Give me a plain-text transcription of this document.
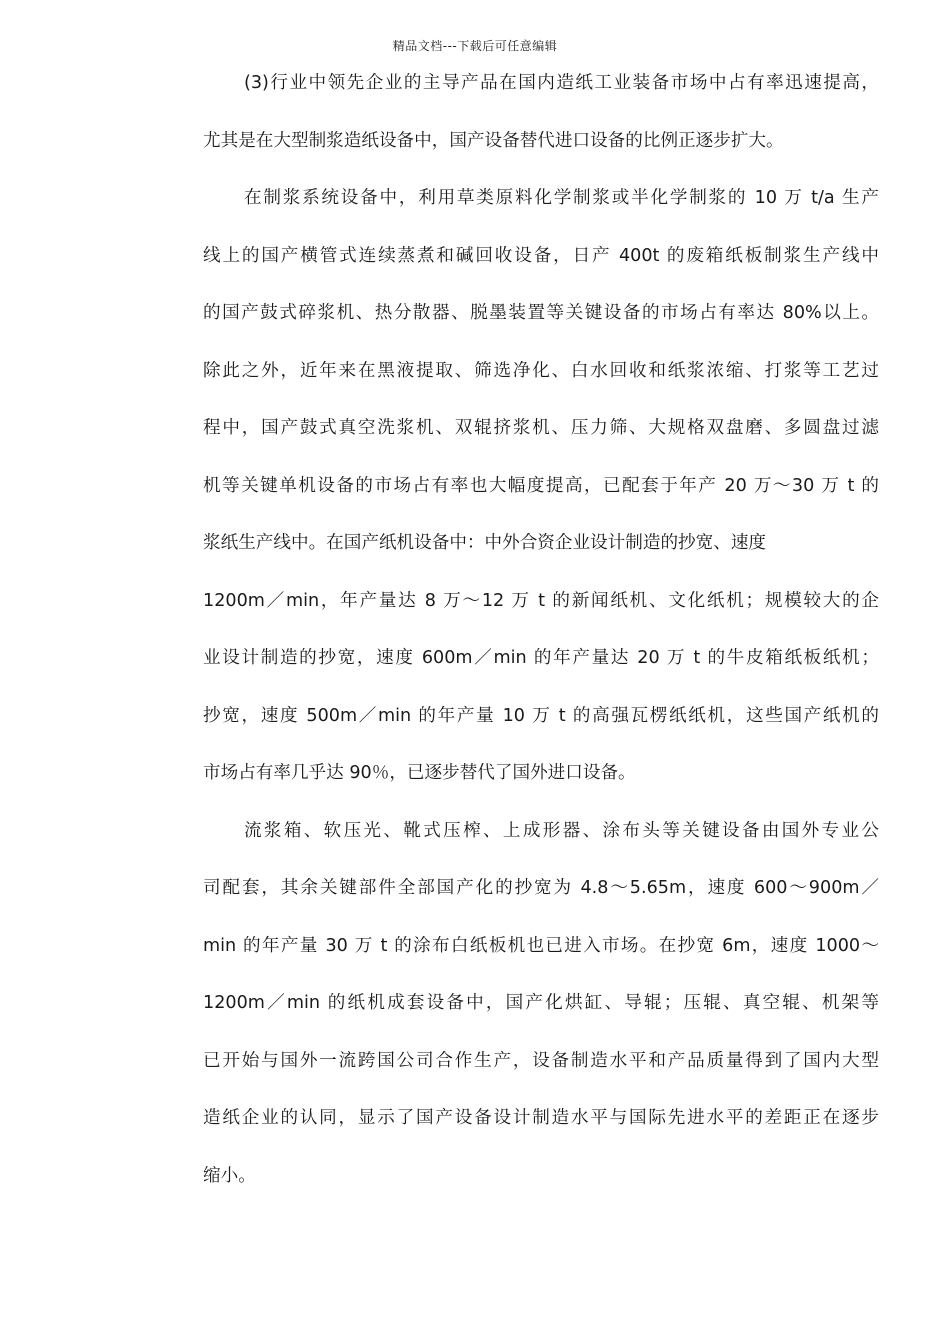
精品文档---下载后可任意编辑
(3)行业中领先企业的主导产品在国内造纸工业装备市场中占有率迅速提高，
尤其是在大型制浆造纸设备中，国产设备替代进口设备的比例正逐步扩大。
在制浆系统设备中，利用草类原料化学制浆或半化学制浆的 10 万 t/a 生产
线上的国产横管式连续蒸煮和碱回收设备，日产 400t 的废箱纸板制浆生产线中
的国产鼓式碎浆机、热分散器、脱墨装置等关键设备的市场占有率达 80%以上。
除此之外，近年来在黑液提取、筛选净化、白水回收和纸浆浓缩、打浆等工艺过
程中，国产鼓式真空洗浆机、双辊挤浆机、压力筛、大规格双盘磨、多圆盘过滤
机等关键单机设备的市场占有率也大幅度提高，已配套于年产 20 万～30 万 t 的
浆纸生产线中。在国产纸机设备中：中外合资企业设计制造的抄宽、速度
1200m／min，年产量达 8 万～12 万 t 的新闻纸机、文化纸机；规模较大的企
业设计制造的抄宽，速度 600m／min 的年产量达 20 万 t 的牛皮箱纸板纸机；
抄宽，速度 500m／min 的年产量 10 万 t 的高强瓦楞纸纸机，这些国产纸机的
市场占有率几乎达 90％，已逐步替代了国外进口设备。
流浆箱、软压光、靴式压榨、上成形器、涂布头等关键设备由国外专业公
司配套，其余关键部件全部国产化的抄宽为 4.8～5.65m，速度 600～900m／
min 的年产量 30 万 t 的涂布白纸板机也已进入市场。在抄宽 6m，速度 1000～
1200m／min 的纸机成套设备中，国产化烘缸、导辊；压辊、真空辊、机架等
已开始与国外一流跨国公司合作生产，设备制造水平和产品质量得到了国内大型
造纸企业的认同，显示了国产设备设计制造水平与国际先进水平的差距正在逐步
缩小。
